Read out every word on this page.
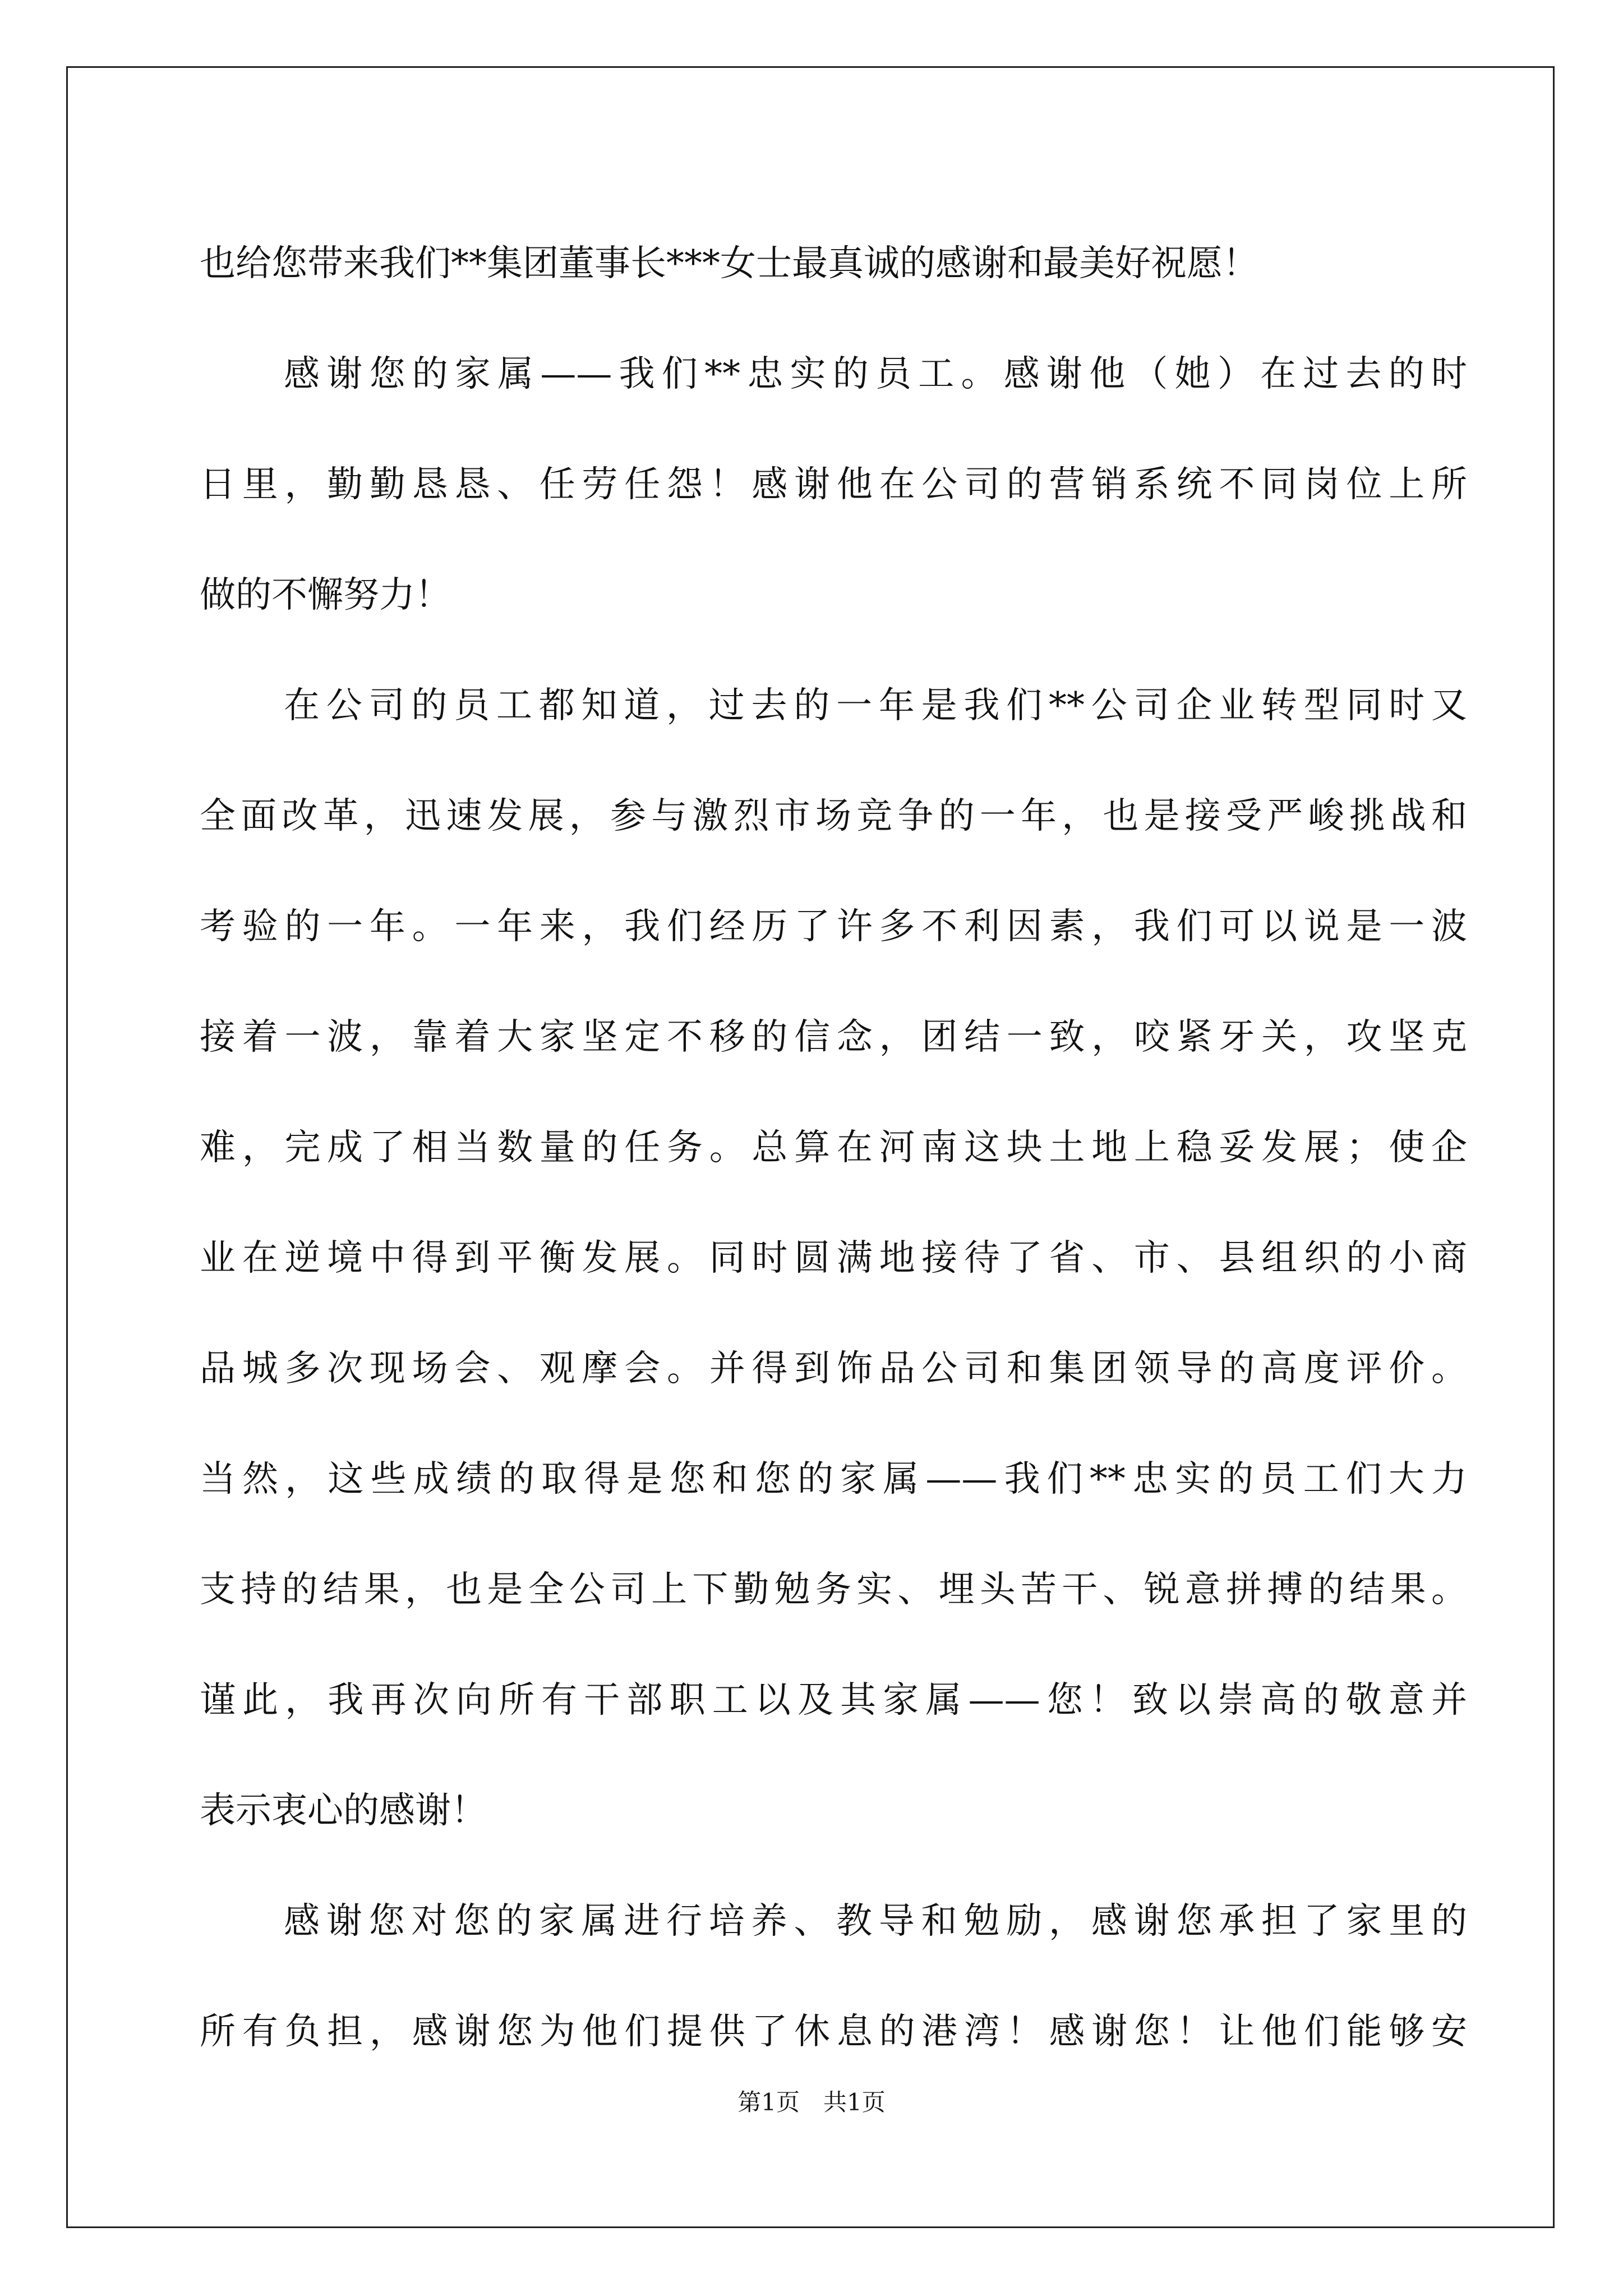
也给您带来我们**集团董事长***女士最真诚的感谢和最美好祝愿！
感谢您的家属——我们**忠实的员工。感谢他（她）在过去的时
日里，勤勤恳恳、任劳任怨！感谢他在公司的营销系统不同岗位上所
做的不懈努力！
在公司的员工都知道，过去的一年是我们**公司企业转型同时又
全面改革，迅速发展，参与激烈市场竞争的一年，也是接受严峻挑战和
考验的一年。一年来，我们经历了许多不利因素，我们可以说是一波
接着一波，靠着大家坚定不移的信念，团结一致，咬紧牙关，攻坚克
难，完成了相当数量的任务。总算在河南这块土地上稳妥发展；使企
业在逆境中得到平衡发展。同时圆满地接待了省、市、县组织的小商
品城多次现场会、观摩会。并得到饰品公司和集团领导的高度评价。
当然，这些成绩的取得是您和您的家属——我们**忠实的员工们大力
支持的结果，也是全公司上下勤勉务实、埋头苦干、锐意拼搏的结果。
谨此，我再次向所有干部职工以及其家属——您！致以崇高的敬意并
表示衷心的感谢！
感谢您对您的家属进行培养、教导和勉励，感谢您承担了家里的
所有负担，感谢您为他们提供了休息的港湾！感谢您！让他们能够安
第1页　共1页
